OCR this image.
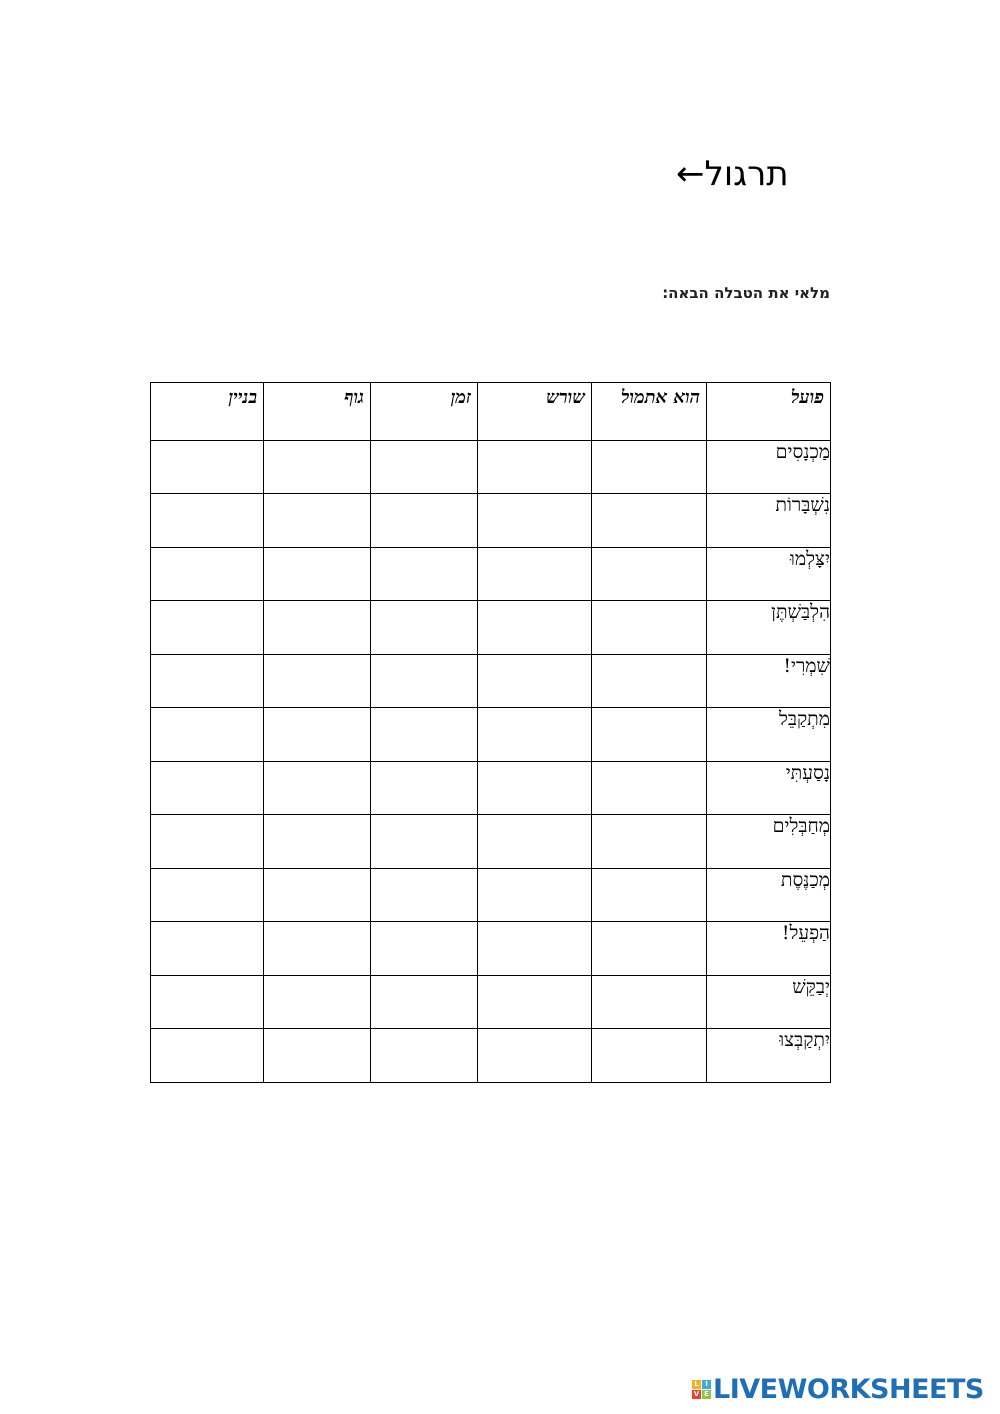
תרגול←
מלאי את הטבלה הבאה:
פועל	הוא אתמול	שורש	זמן	גוף	בניין
מַכְנָסִים					
נִשְׁבָּרוֹת					
יִצָּלְמוּ					
הִלְבַּשְׁתֶּן					
שִׁמְרִי!					
מִתְקַבֵּל					
נָסַעְתִּי					
מְחַבְּלִים					
מְכַנֶּסֶת					
הַפְעֵל!					
יְבַקֵּשׁ					
יִתְקַבְּצוּ					
L I
V E LIVEWORKSHEETS
